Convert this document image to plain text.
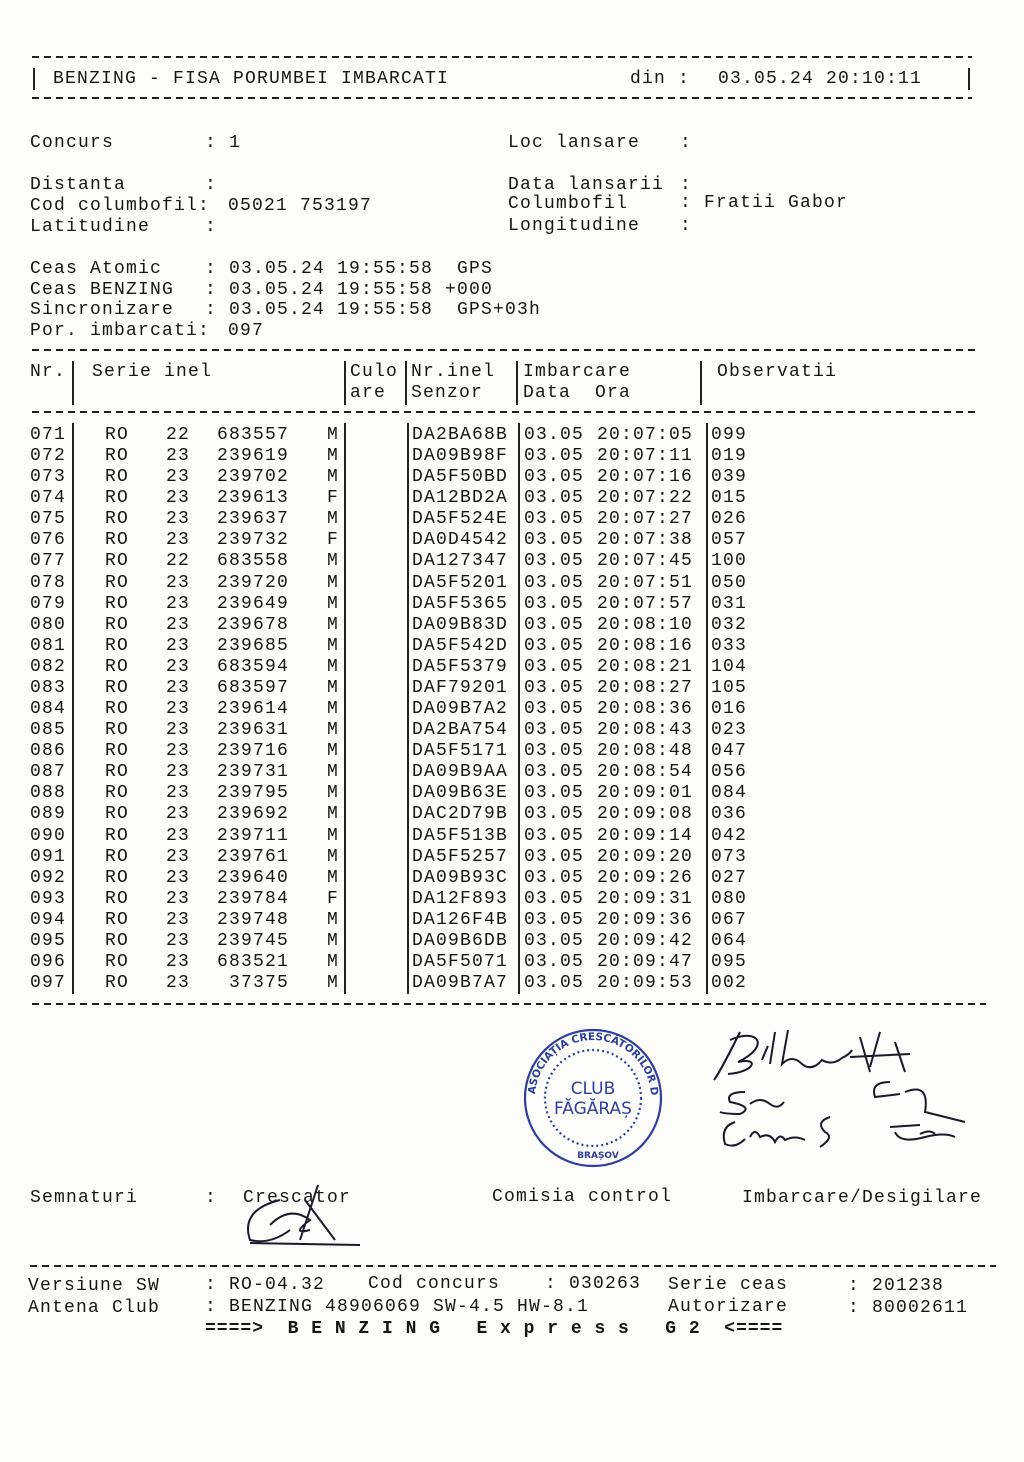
BENZING - FISA PORUMBEI IMBARCATI	din : 03.05.24 20:10:11
Concurs	: 1	Loc lansare :
Distanta	:	Data lansarii :
Cod columbofil: 05021 753197	Columbofil	: Fratii Gabor
Latitudine	:	Longitudine :
Ceas Atomic : 03.05.24 19:55:58  GPS
Ceas BENZING : 03.05.24 19:55:58 +000
Sincronizare : 03.05.24 19:55:58  GPS+03h
Por. imbarcati: 097
Nr. Serie inel	Culo
are
Nr.inel
Senzor
Imbarcare
Data Ora
Observatii
071 RO 22 683557 M	DA2BA68B 03.05 20:07:05 099
072 RO 23 239619 M	DA09B98F 03.05 20:07:11 019
073 RO 23 239702 M	DA5F50BD 03.05 20:07:16 039
074 RO 23 239613 F	DA12BD2A 03.05 20:07:22 015
075 RO 23 239637 M	DA5F524E 03.05 20:07:27 026
076 RO 23 239732 F	DA0D4542 03.05 20:07:38 057
077 RO 22 683558 M	DA127347 03.05 20:07:45 100
078 RO 23 239720 M	DA5F5201 03.05 20:07:51 050
079 RO 23 239649 M	DA5F5365 03.05 20:07:57 031
080 RO 23 239678 M	DA09B83D 03.05 20:08:10 032
081 RO 23 239685 M	DA5F542D 03.05 20:08:16 033
082 RO 23 683594 M	DA5F5379 03.05 20:08:21 104
083 RO 23 683597 M	DAF79201 03.05 20:08:27 105
084 RO 23 239614 M	DA09B7A2 03.05 20:08:36 016
085 RO 23 239631 M	DA2BA754 03.05 20:08:43 023
086 RO 23 239716 M	DA5F5171 03.05 20:08:48 047
087 RO 23 239731 M	DA09B9AA 03.05 20:08:54 056
088 RO 23 239795 M	DA09B63E 03.05 20:09:01 084
089 RO 23 239692 M	DAC2D79B 03.05 20:09:08 036
090 RO 23 239711 M	DA5F513B 03.05 20:09:14 042
091 RO 23 239761 M	DA5F5257 03.05 20:09:20 073
092 RO 23 239640 M	DA09B93C 03.05 20:09:26 027
093 RO 23 239784 F	DA12F893 03.05 20:09:31 080
094 RO 23 239748 M	DA126F4B 03.05 20:09:36 067
095 RO 23 239745 M	DA09B6DB 03.05 20:09:42 064
096 RO 23 683521 M	DA5F5071 03.05 20:09:47 095
097 RO 23 37375 M	DA09B7A7 03.05 20:09:53 002
ASOCIAȚIA CRESCĂTORILOR DE PORUMBEI
CLUB
FĂGĂRAȘ
BRAȘOV
Semnaturi	: Crescator	Comisia control	Imbarcare/Desigilare
Versiune SW : RO-04.32 Cod concurs : 030263 Serie ceas	: 201238
Antena Club : BENZING 48906069 SW-4.5 HW-8.1	Autorizare	: 80002611
====>  B E N Z I N G   E x p r e s s   G 2  <====
